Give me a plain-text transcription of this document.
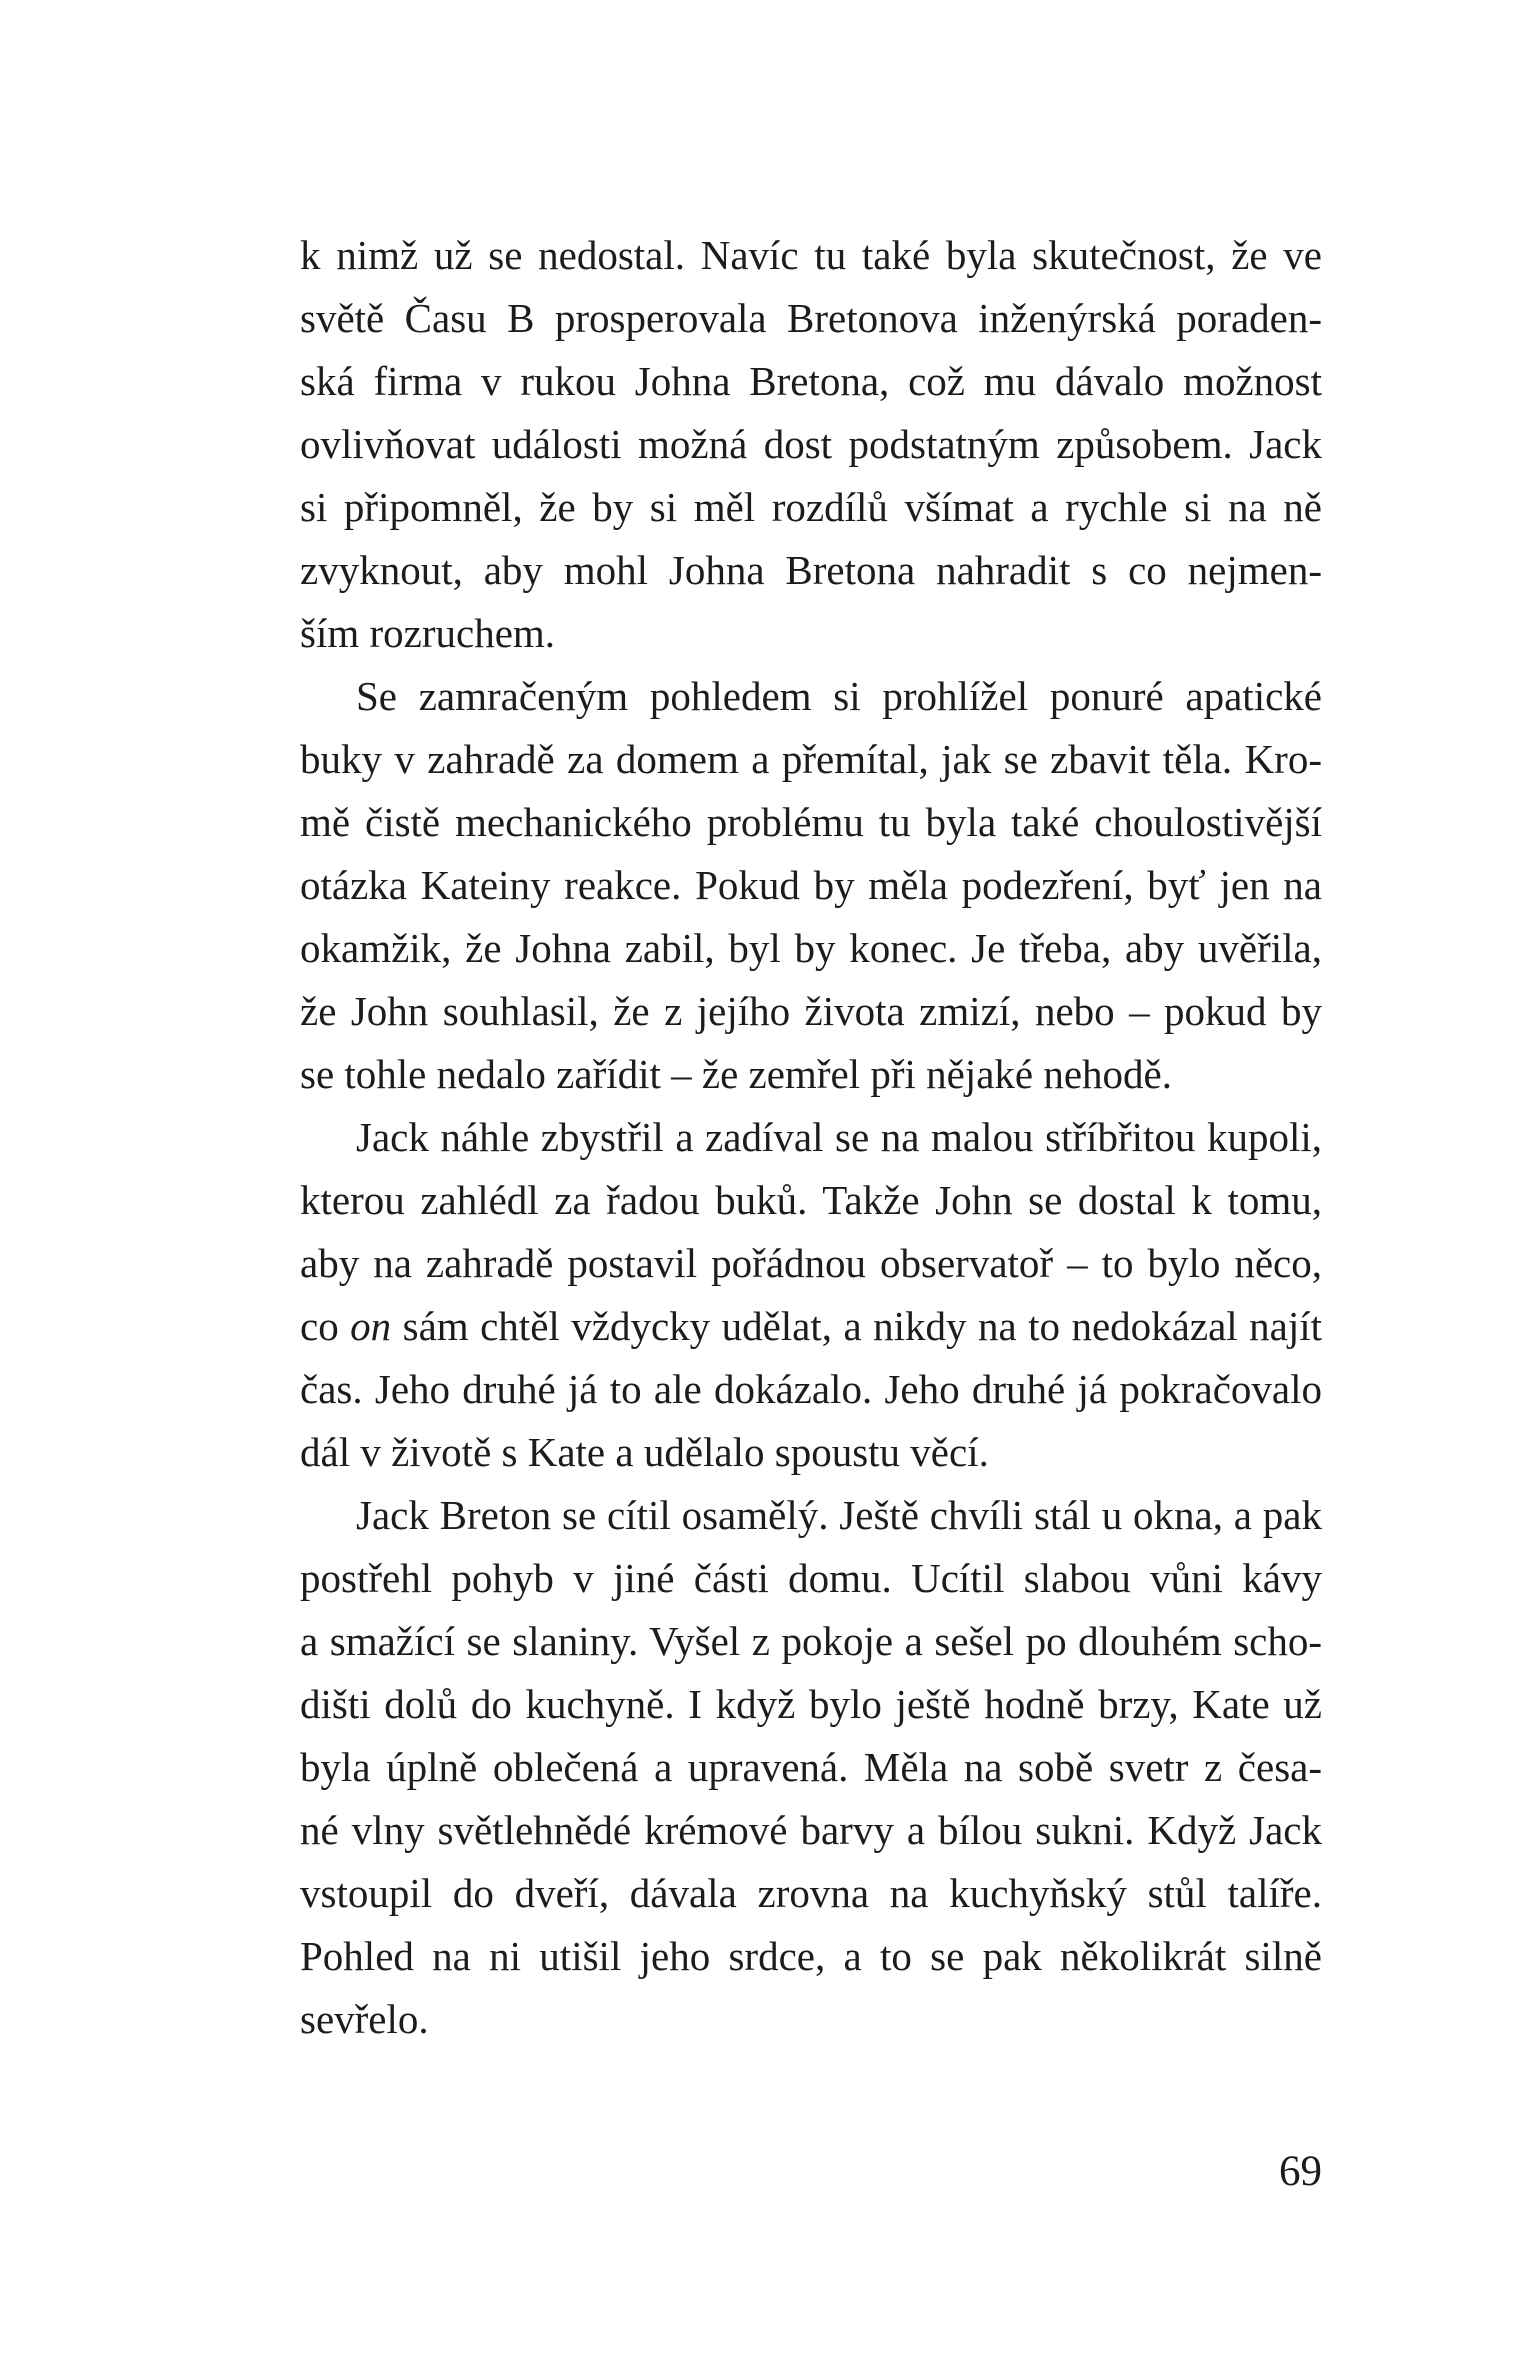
k nimž už se nedostal. Navíc tu také byla skutečnost, že ve
světě Času B prosperovala Bretonova inženýrská poraden-
ská firma v rukou Johna Bretona, což mu dávalo možnost
ovlivňovat události možná dost podstatným způsobem. Jack
si připomněl, že by si měl rozdílů všímat a rychle si na ně
zvyknout, aby mohl Johna Bretona nahradit s co nejmen-
ším rozruchem.
Se zamračeným pohledem si prohlížel ponuré apatické
buky v zahradě za domem a přemítal, jak se zbavit těla. Kro-
mě čistě mechanického problému tu byla také choulostivější
otázka Kateiny reakce. Pokud by měla podezření, byť jen na
okamžik, že Johna zabil, byl by konec. Je třeba, aby uvěřila,
že John souhlasil, že z jejího života zmizí, nebo – pokud by
se tohle nedalo zařídit – že zemřel při nějaké nehodě.
Jack náhle zbystřil a zadíval se na malou stříbřitou kupoli,
kterou zahlédl za řadou buků. Takže John se dostal k tomu,
aby na zahradě postavil pořádnou observatoř – to bylo něco,
co on sám chtěl vždycky udělat, a nikdy na to nedokázal najít
čas. Jeho druhé já to ale dokázalo. Jeho druhé já pokračovalo
dál v životě s Kate a udělalo spoustu věcí.
Jack Breton se cítil osamělý. Ještě chvíli stál u okna, a pak
postřehl pohyb v jiné části domu. Ucítil slabou vůni kávy
a smažící se slaniny. Vyšel z pokoje a sešel po dlouhém scho-
dišti dolů do kuchyně. I když bylo ještě hodně brzy, Kate už
byla úplně oblečená a upravená. Měla na sobě svetr z česa-
né vlny světlehnědé krémové barvy a bílou sukni. Když Jack
vstoupil do dveří, dávala zrovna na kuchyňský stůl talíře.
Pohled na ni utišil jeho srdce, a to se pak několikrát silně
sevřelo.
69
